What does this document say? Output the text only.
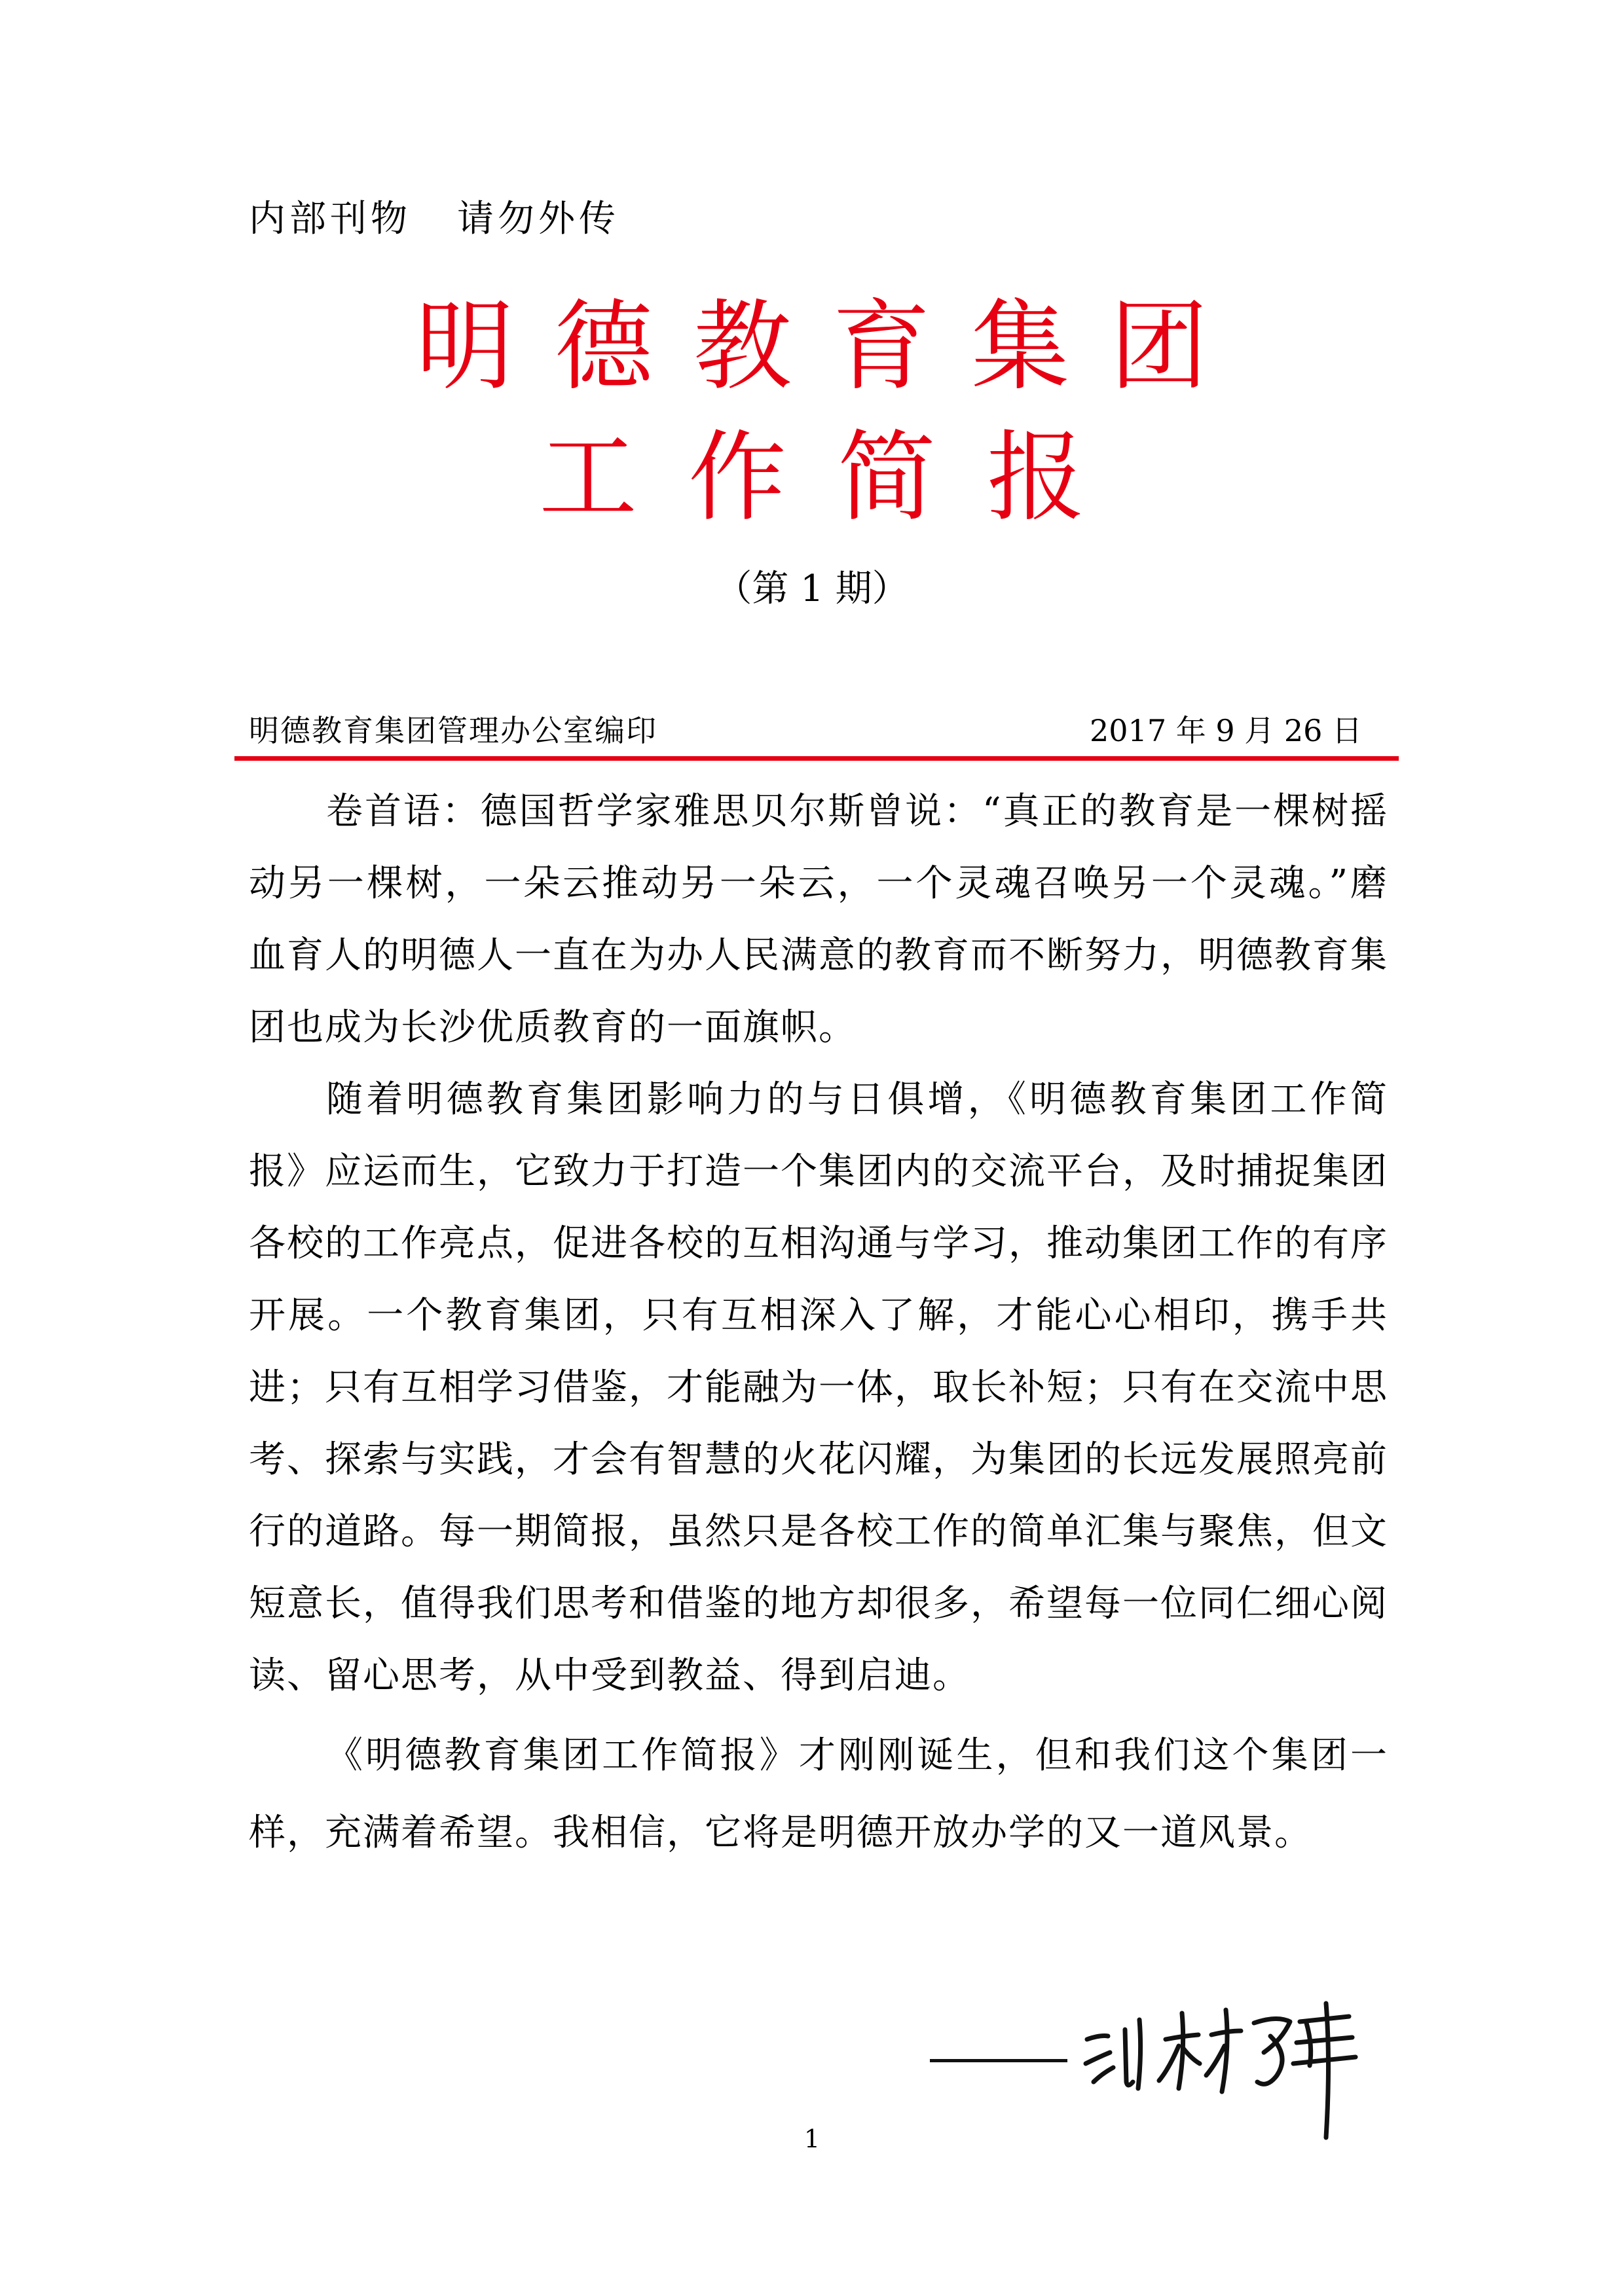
内部刊物 请勿外传
明德教育集团
工作简报
（第 1 期）
明德教育集团管理办公室编印	2017 年 9 月 26 日

卷首语：德国哲学家雅思贝尔斯曾说：“真正的教育是一棵树摇动另一棵树，一朵云推动另一朵云，一个灵魂召唤另一个灵魂。”磨血育人的明德人一直在为办人民满意的教育而不断努力，明德教育集团也成为长沙优质教育的一面旗帜。

随着明德教育集团影响力的与日俱增，《明德教育集团工作简报》应运而生，它致力于打造一个集团内的交流平台，及时捕捉集团各校的工作亮点，促进各校的互相沟通与学习，推动集团工作的有序开展。一个教育集团，只有互相深入了解，才能心心相印，携手共进；只有互相学习借鉴，才能融为一体，取长补短；只有在交流中思考、探索与实践，才会有智慧的火花闪耀，为集团的长远发展照亮前行的道路。每一期简报，虽然只是各校工作的简单汇集与聚焦，但文短意长，值得我们思考和借鉴的地方却很多，希望每一位同仁细心阅读、留心思考，从中受到教益、得到启迪。

《明德教育集团工作简报》才刚刚诞生，但和我们这个集团一样，充满着希望。我相信，它将是明德开放办学的又一道风景。

1
